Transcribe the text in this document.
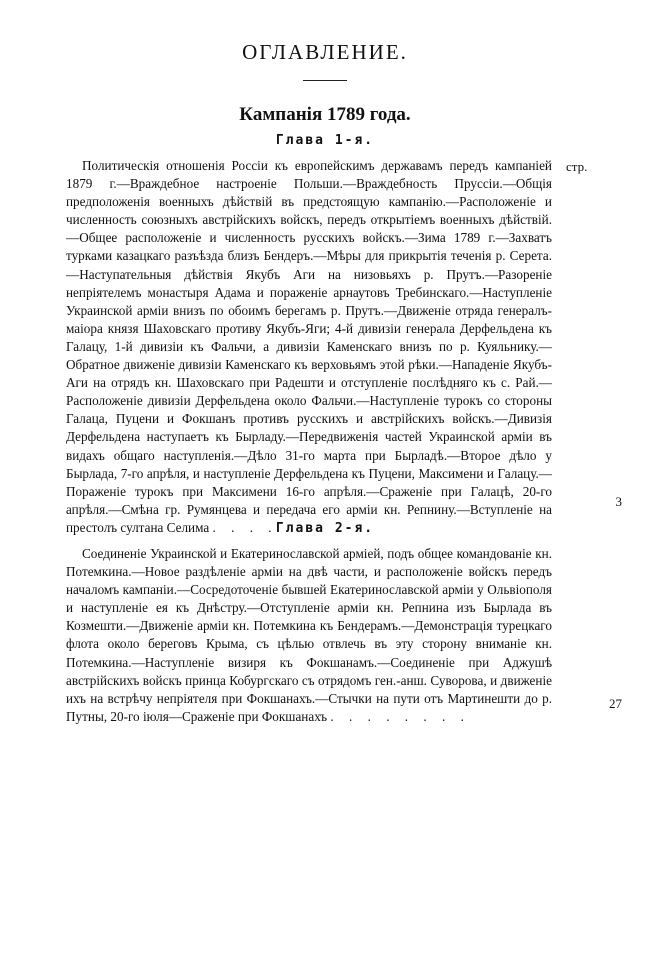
ОГЛАВЛЕНИЕ.
Кампанія 1789 года.
Глава 1-я.
стр.

Политическія отношенія Россіи къ европейскимъ державамъ передъ кампаніей 1879 г.—Враждебное настроеніе Польши.—Враждебность Пруссіи.—Общія предположенія военныхъ дѣйствій въ предстоящую кампанію.—Расположеніе и численность союзныхъ австрійскихъ войскъ, передъ открытіемъ военныхъ дѣйствій.—Общее расположеніе и численность русскихъ войскъ.—Зима 1789 г.—Захватъ турками казацкаго разъѣзда близъ Бендеръ.—Мѣры для прикрытія теченія р. Серета.—Наступательныя дѣйствія Якубъ Аги на низовьяхъ р. Прутъ.—Разореніе непріятелемъ монастыря Адама и пораженіе арнаутовъ Требинскаго.—Наступленіе Украинской арміи внизъ по обоимъ берегамъ р. Прутъ.—Движеніе отряда генералъ-маіора князя Шаховскаго противу Якубъ-Яги; 4-й дивизіи генерала Дерфельдена къ Галацу, 1-й дивизіи къ Фальчи, а дивизіи Каменскаго внизъ по р. Куяльнику.—Обратное движеніе дивизіи Каменскаго къ верховьямъ этой рѣки.—Нападеніе Якубъ-Аги на отрядъ кн. Шаховскаго при Радешти и отступленіе послѣдняго къ с. Рай.—Расположеніе дивизіи Дерфельдена около Фальчи.—Наступленіе турокъ со стороны Галаца, Пуцени и Фокшанъ противъ русскихъ и австрійскихъ войскъ.—Дивизія Дерфельдена наступаетъ къ Бырладу.—Передвиженія частей Украинской арміи въ видахъ общаго наступленія.—Дѣло 31-го марта при Бырладѣ.—Второе дѣло у Бырлада, 7-го апрѣля, и наступленіе Дерфельдена къ Пуцени, Максимени и Галацу.—Пораженіе турокъ при Максимени 16-го апрѣля.—Сраженіе при Галацѣ, 20-го апрѣля.—Смѣна гр. Румянцева и передача его арміи кн. Репнину.—Вступленіе на престолъ султана Селима . . . .

3
Глава 2-я.

Соединеніе Украинской и Екатеринославской арміей, подъ общее командованіе кн. Потемкина.—Новое раздѣленіе арміи на двѣ части, и расположеніе войскъ передъ началомъ кампаніи.—Сосредоточеніе бывшей Екатеринославской арміи у Ольвіополя и наступленіе ея къ Днѣстру.—Отступленіе арміи кн. Репнина изъ Бырлада въ Козмешти.—Движеніе арміи кн. Потемкина къ Бендерамъ.—Демонстрація турецкаго флота около береговъ Крыма, съ цѣлью отвлечь въ эту сторону вниманіе кн. Потемкина.—Наступленіе визиря къ Фокшанамъ.—Соединеніе при Аджушѣ австрійскихъ войскъ принца Кобургскаго съ отрядомъ ген.-анш. Суворова, и движеніе ихъ на встрѣчу непріятеля при Фокшанахъ.—Стычки на пути отъ Мартинешти до р. Путны, 20-го іюля—Сраженіе при Фокшанахъ . . . . . . . .

27
